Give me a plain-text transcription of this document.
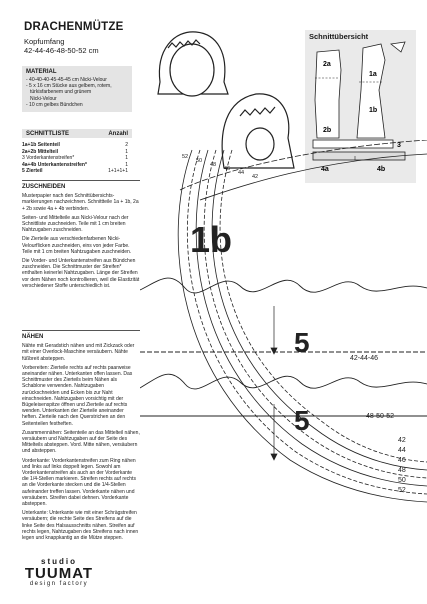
DRACHENMÜTZE
Kopfumfang
42-44-46-48-50-52 cm
MATERIAL
- 40-40-40-45-45-45 cm Nicki-Velour
- 5 x 16 cm Stücke aus gelbem, rotem,
türkisfarbenem und grünem
Nicki-Velour
- 10 cm gelbes Bündchen
SCHNITTLISTE	Anzahl
1a+1b Seitenteil	2
2a+2b Mittelteil	1
3 Vorderkantenstreifen*	1
4a+4b Unterkantenstreifen*	1
5 Zierteil	1+1+1+1
ZUSCHNEIDEN

Musterpapier nach den Schnittübersichts-markierungen nachzeichnen. Schnittteile 1a + 1b, 2a + 2b sowie 4a + 4b verbinden.

Seiten- und Mittelteile aus Nicki-Velour nach der Schnittliste zuschneiden. Teile mit 1 cm breiten Nahtzugaben zuschneiden.

Die Zierteile aus verschiedenfarbenen Nicki-Velourflicken zuschneiden, eins von jeder Farbe. Teile mit 1 cm breiten Nahtzugaben zuschneiden.

Die Vorder- und Unterkantenstreifen aus Bündchen zuschneiden. Die Schnittmuster der Streifen* enthalten keinerlei Nahtzugaben. Länge der Streifen vor dem Nähen noch kontrollieren, weil die Elastizität verschiedener Stoffe unterschiedlich ist.

NÄHEN

Nähte mit Geradstich nähen und mit Zickzack oder mit einer Overlock-Maschine versäubern. Nähte füßbreit absteppen.

Vorbereiten: Zierteile rechts auf rechts paarweise aneinander nähen. Unterkanten offen lassen. Das Schnittmuster des Zierteils beim Nähen als Schablone verwenden. Nahtzugaben zurückschneiden und Ecken bis zur Naht einschneiden. Nahtzugaben vorsichtig mit der Bügeleisenspitze öffnen und Zierteile auf rechts wenden. Unterkanten der Zierteile aneinander heften. Zierteile nach den Querstrichen an den Seitenteilen festheften.

Zusammennähen: Seitenteile an das Mittelteil nähen, versäubern und Nahtzugaben auf der Seite des Mittelteils absteppen. Vord. Mitte nähen, versäubern und absteppen.

Vorderkante: Vorderkantenstreifen zum Ring nähen und links auf links doppelt legen. Sowohl am Vorderkantenstreifen als auch an der Vorderkante die 1/4-Stellen markieren. Streifen rechts auf rechts an die Vorderkante stecken und die 1/4-Stellen aufeinander treffen lassen. Vorderkante nähen und versäubern. Streifen dabei dehnen. Vorderkante absteppen.

Unterkante: Unterkante wie mit einer Schrägstreifen versäubern; die rechte Seite des Streifens auf die linke Seite des Halsausschnitts nähen. Streifen auf rechts legen, Nahtzugaben des Streifens nach innen legen und knappkantig an die Mütze steppen.

studio
TUUMAT
design factory
Schnittübersicht
2a
1a
1b
2b
3
4a	4b
52
50
48
46
44
42
1b
5
5
42-44-46
48-50-52
42
44
46
48
50
52
